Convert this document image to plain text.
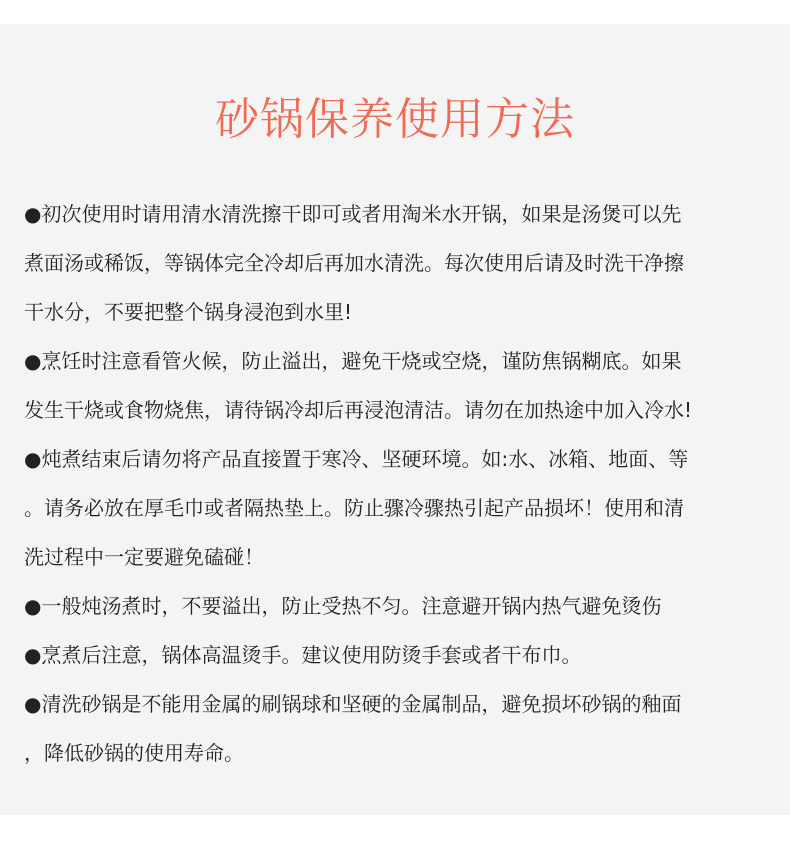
砂锅保养使用方法
●初次使用时请用清水清洗擦干即可或者用淘米水开锅，如果是汤煲可以先
煮面汤或稀饭，等锅体完全冷却后再加水清洗。每次使用后请及时洗干净擦
干水分，不要把整个锅身浸泡到水里!
●烹饪时注意看管火候，防止溢出，避免干烧或空烧，谨防焦锅糊底。如果
发生干烧或食物烧焦，请待锅冷却后再浸泡清洁。请勿在加热途中加入冷水!
●炖煮结束后请勿将产品直接置于寒冷、坚硬环境。如:水、冰箱、地面、等
。请务必放在厚毛巾或者隔热垫上。防止骤冷骤热引起产品损坏！使用和清
洗过程中一定要避免磕碰！
●一般炖汤煮时，不要溢出，防止受热不匀。注意避开锅内热气避免烫伤
●烹煮后注意，锅体高温烫手。建议使用防烫手套或者干布巾。
●清洗砂锅是不能用金属的刷锅球和坚硬的金属制品，避免损坏砂锅的釉面
，降低砂锅的使用寿命。
